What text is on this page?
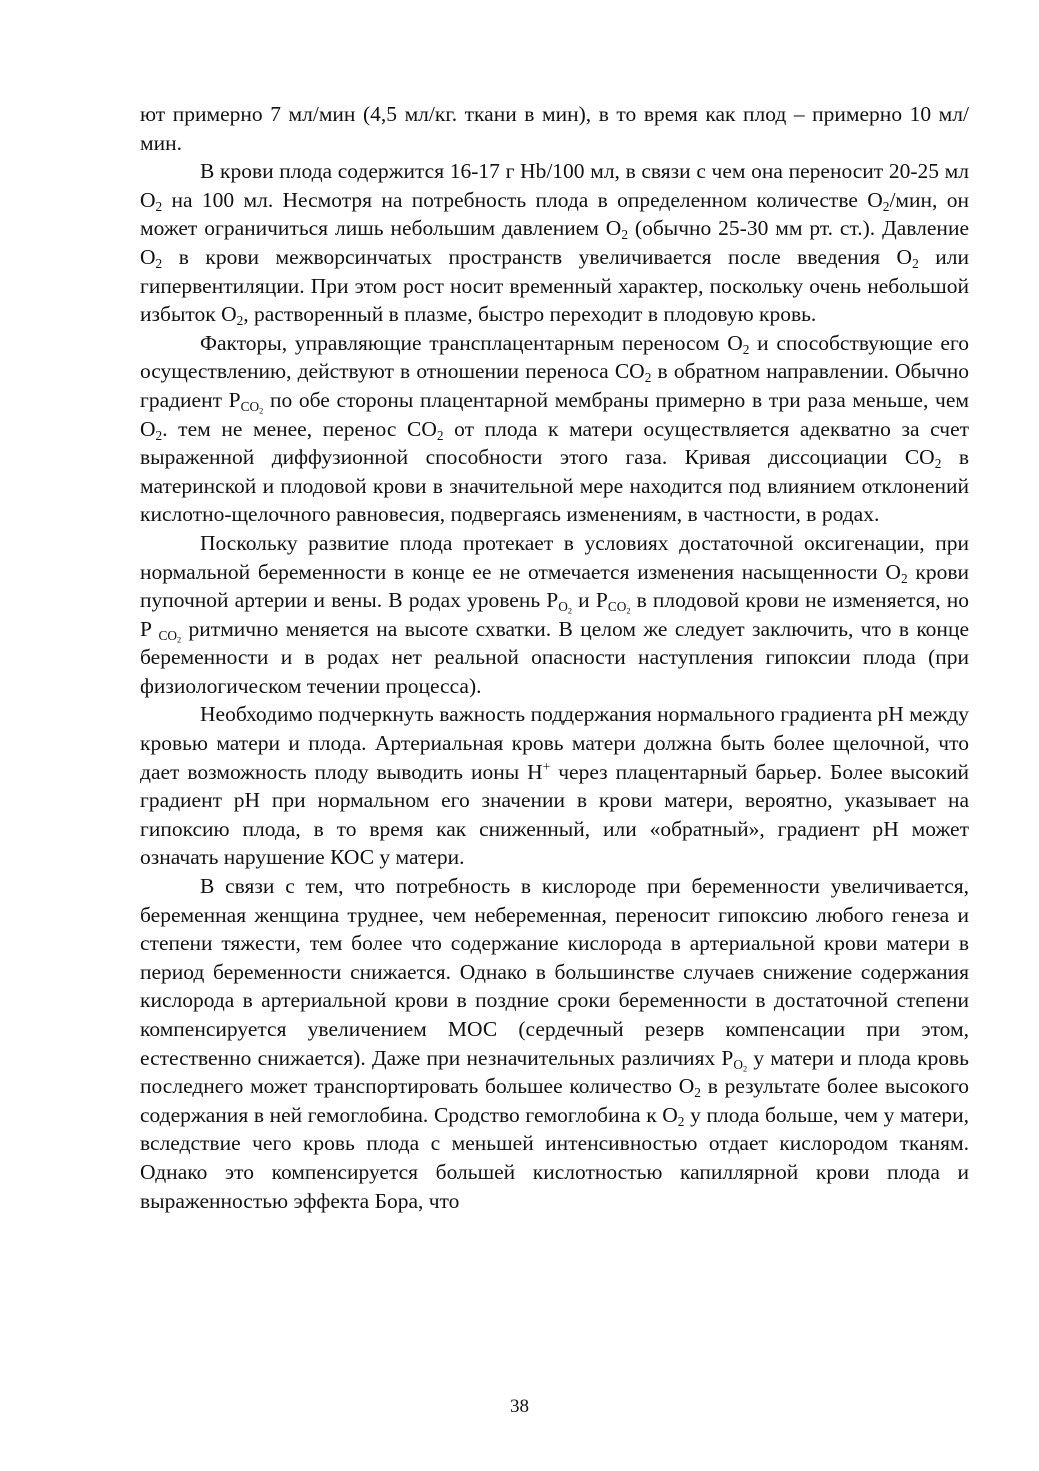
ют примерно 7 мл/мин (4,5 мл/кг. ткани в мин), в то время как плод – примерно 10 мл/мин.

В крови плода содержится 16-17 г Hb/100 мл, в связи с чем она переносит 20-25 мл $O_2$ на 100 мл. Несмотря на потребность плода в определенном количестве $O_2$/мин, он может ограничиться лишь небольшим давлением $O_2$ (обычно 25-30 мм рт. ст.). Давление $O_2$ в крови межворсинчатых пространств увеличивается после введения $O_2$ или гипервентиляции. При этом рост носит временный характер, поскольку очень небольшой избыток $O_2$, растворенный в плазме, быстро переходит в плодовую кровь.

Факторы, управляющие трансплацентарным переносом $O_2$ и способствующие его осуществлению, действуют в отношении переноса $CO_2$ в обратном направлении. Обычно градиент $P_{CO_2}$ по обе стороны плацентарной мембраны примерно в три раза меньше, чем $O_2$. тем не менее, перенос $CO_2$ от плода к матери осуществляется адекватно за счет выраженной диффузионной способности этого газа. Кривая диссоциации $CO_2$ в материнской и плодовой крови в значительной мере находится под влиянием отклонений кислотно-щелочного равновесия, подвергаясь изменениям, в частности, в родах.

Поскольку развитие плода протекает в условиях достаточной оксигенации, при нормальной беременности в конце ее не отмечается изменения насыщенности $O_2$ крови пупочной артерии и вены. В родах уровень $P_{O_2}$ и $P_{CO_2}$ в плодовой крови не изменяется, но P $_{CO_2}$ ритмично меняется на высоте схватки. В целом же следует заключить, что в конце беременности и в родах нет реальной опасности наступления гипоксии плода (при физиологическом течении процесса).

Необходимо подчеркнуть важность поддержания нормального градиента pH между кровью матери и плода. Артериальная кровь матери должна быть более щелочной, что дает возможность плоду выводить ионы H+ через плацентарный барьер. Более высокий градиент pH при нормальном его значении в крови матери, вероятно, указывает на гипоксию плода, в то время как сниженный, или «обратный», градиент pH может означать нарушение КОС у матери.

В связи с тем, что потребность в кислороде при беременности увеличивается, беременная женщина труднее, чем небеременная, переносит гипоксию любого генеза и степени тяжести, тем более что содержание кислорода в артериальной крови матери в период беременности снижается. Однако в большинстве случаев снижение содержания кислорода в артериальной крови в поздние сроки беременности в достаточной степени компенсируется увеличением МОС (сердечный резерв компенсации при этом, естественно снижается). Даже при незначительных различиях $P_{O_2}$ у матери и плода кровь последнего может транспортировать большее количество $O_2$ в результате более высокого содержания в ней гемоглобина. Сродство гемоглобина к $O_2$ у плода больше, чем у матери, вследствие чего кровь плода с меньшей интенсивностью отдает кислородом тканям. Однако это компенсируется большей кислотностью капиллярной крови плода и выраженностью эффекта Бора, что

38
